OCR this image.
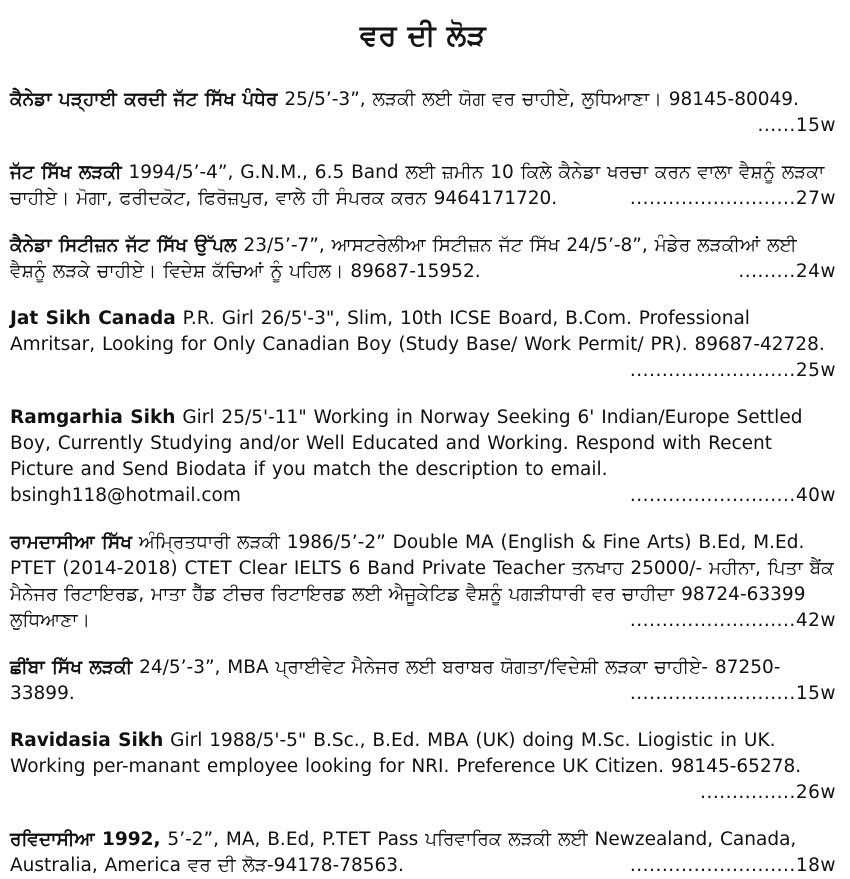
ਵਰ ਦੀ ਲੋੜ

ਕੈਨੇਡਾ ਪੜ੍ਹਾਈ ਕਰਦੀ ਜੱਟ ਸਿੱਖ ਪੰਧੇਰ 25/5’-3”, ਲੜਕੀ ਲਈ ਯੋਗ ਵਰ ਚਾਹੀਏ, ਲੁਧਿਆਣਾ। 98145-80049.
......15w

ਜੱਟ ਸਿੱਖ ਲੜਕੀ 1994/5’-4”, G.N.M., 6.5 Band ਲਈ ਜ਼ਮੀਨ 10 ਕਿਲੇ ਕੈਨੇਡਾ ਖਰਚਾ ਕਰਨ ਵਾਲਾ ਵੈਸ਼ਨੂੰ ਲੜਕਾ ਚਾਹੀਏ। ਮੋਗਾ, ਫਰੀਦਕੋਟ, ਫਿਰੋਜ਼ਪੁਰ, ਵਾਲੇ ਹੀ ਸੰਪਰਕ ਕਰਨ 9464171720.	..........................27w

ਕੈਨੇਡਾ ਸਿਟੀਜ਼ਨ ਜੱਟ ਸਿੱਖ ਉੱਪਲ 23/5’-7”, ਆਸਟਰੇਲੀਆ ਸਿਟੀਜ਼ਨ ਜੱਟ ਸਿੱਖ 24/5’-8”, ਮੰਡੇਰ ਲੜਕੀਆਂ ਲਈ ਵੈਸ਼ਨੂੰ ਲੜਕੇ ਚਾਹੀਏ। ਵਿਦੇਸ਼ ਕੱਚਿਆਂ ਨੂੰ ਪਹਿਲ। 89687-15952.	.........24w

Jat Sikh Canada P.R. Girl 26/5'-3", Slim, 10th ICSE Board, B.Com. Professional Amritsar, Looking for Only Canadian Boy (Study Base/ Work Permit/ PR). 89687-42728.
..........................25w

Ramgarhia Sikh Girl 25/5'-11" Working in Norway Seeking 6' Indian/Europe Settled Boy, Currently Studying and/or Well Educated and Working. Respond with Recent Picture and Send Biodata if you match the description to email. bsingh118@hotmail.com	..........................40w

ਰਾਮਦਾਸੀਆ ਸਿੱਖ ਅੰਮ੍ਰਿਤਧਾਰੀ ਲੜਕੀ 1986/5’-2” Double MA (English & Fine Arts) B.Ed, M.Ed. PTET (2014-2018) CTET Clear IELTS 6 Band Private Teacher ਤਨਖਾਹ 25000/- ਮਹੀਨਾ, ਪਿਤਾ ਬੈਂਕ ਮੈਨੇਜਰ ਰਿਟਾਇਰਡ, ਮਾਤਾ ਹੈੱਡ ਟੀਚਰ ਰਿਟਾਇਰਡ ਲਈ ਐਜੂਕੇਟਿਡ ਵੈਸ਼ਨੂੰ ਪਗੜੀਧਾਰੀ ਵਰ ਚਾਹੀਦਾ 98724-63399 ਲੁਧਿਆਣਾ।	..........................42w

ਛੀਂਬਾ ਸਿੱਖ ਲੜਕੀ 24/5’-3”, MBA ਪ੍ਰਾਈਵੇਟ ਮੈਨੇਜਰ ਲਈ ਬਰਾਬਰ ਯੋਗਤਾ/ਵਿਦੇਸ਼ੀ ਲੜਕਾ ਚਾਹੀਏ- 87250-33899.	..........................15w

Ravidasia Sikh Girl 1988/5'-5" B.Sc., B.Ed. MBA (UK) doing M.Sc. Liogistic in UK. Working per-manant employee looking for NRI. Preference UK Citizen. 98145-65278.
...............26w

ਰਵਿਦਾਸੀਆ 1992, 5’-2”, MA, B.Ed, P.TET Pass ਪਰਿਵਾਰਿਕ ਲੜਕੀ ਲਈ Newzealand, Canada, Australia, America ਵਰ ਦੀ ਲੋੜ-94178-78563.	..........................18w
